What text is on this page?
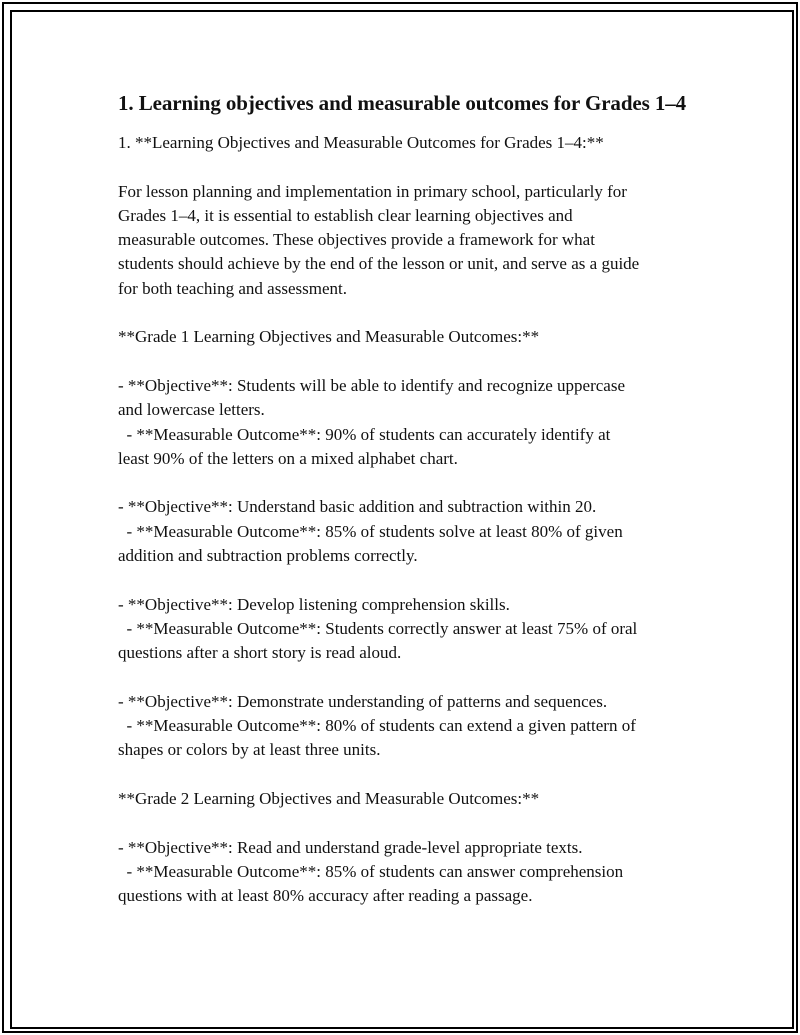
1. Learning objectives and measurable outcomes for Grades 1–4
1. **Learning Objectives and Measurable Outcomes for Grades 1–4:**
For lesson planning and implementation in primary school, particularly for
Grades 1–4, it is essential to establish clear learning objectives and
measurable outcomes. These objectives provide a framework for what
students should achieve by the end of the lesson or unit, and serve as a guide
for both teaching and assessment.
**Grade 1 Learning Objectives and Measurable Outcomes:**
- **Objective**: Students will be able to identify and recognize uppercase
and lowercase letters.
- **Measurable Outcome**: 90% of students can accurately identify at
least 90% of the letters on a mixed alphabet chart.
- **Objective**: Understand basic addition and subtraction within 20.
- **Measurable Outcome**: 85% of students solve at least 80% of given
addition and subtraction problems correctly.
- **Objective**: Develop listening comprehension skills.
- **Measurable Outcome**: Students correctly answer at least 75% of oral
questions after a short story is read aloud.
- **Objective**: Demonstrate understanding of patterns and sequences.
- **Measurable Outcome**: 80% of students can extend a given pattern of
shapes or colors by at least three units.
**Grade 2 Learning Objectives and Measurable Outcomes:**
- **Objective**: Read and understand grade-level appropriate texts.
- **Measurable Outcome**: 85% of students can answer comprehension
questions with at least 80% accuracy after reading a passage.
